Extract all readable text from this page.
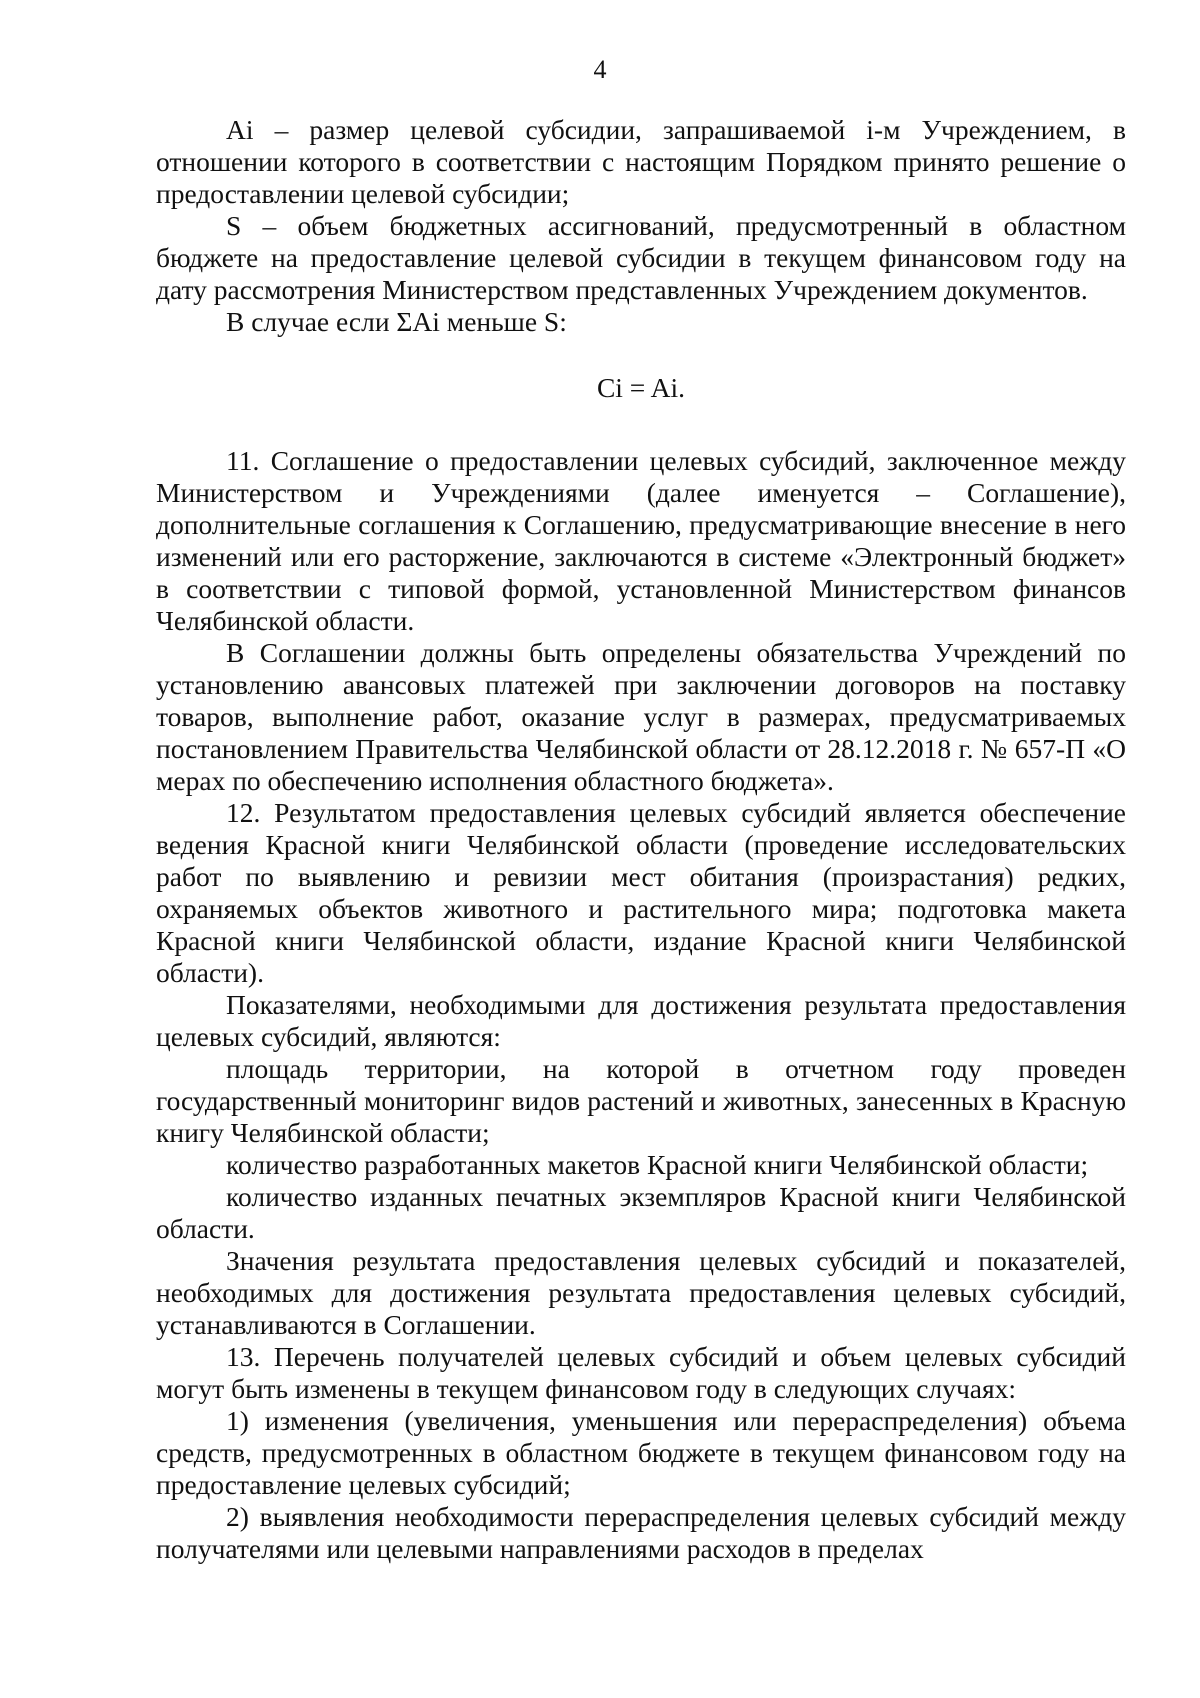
4

Ai – размер целевой субсидии, запрашиваемой i-м Учреждением, в отношении которого в соответствии с настоящим Порядком принято решение о предоставлении целевой субсидии;

S – объем бюджетных ассигнований, предусмотренный в областном бюджете на предоставление целевой субсидии в текущем финансовом году на дату рассмотрения Министерством представленных Учреждением документов.

В случае если ΣAi меньше S:

Ci = Ai.

11. Соглашение о предоставлении целевых субсидий, заключенное между Министерством и Учреждениями (далее именуется – Соглашение), дополнительные соглашения к Соглашению, предусматривающие внесение в него изменений или его расторжение, заключаются в системе «Электронный бюджет» в соответствии с типовой формой, установленной Министерством финансов Челябинской области.

В Соглашении должны быть определены обязательства Учреждений по установлению авансовых платежей при заключении договоров на поставку товаров, выполнение работ, оказание услуг в размерах, предусматриваемых постановлением Правительства Челябинской области от 28.12.2018 г. № 657-П «О мерах по обеспечению исполнения областного бюджета».

12. Результатом предоставления целевых субсидий является обеспечение ведения Красной книги Челябинской области (проведение исследовательских работ по выявлению и ревизии мест обитания (произрастания) редких, охраняемых объектов животного и растительного мира; подготовка макета Красной книги Челябинской области, издание Красной книги Челябинской области).

Показателями, необходимыми для достижения результата предоставления целевых субсидий, являются:

площадь территории, на которой в отчетном году проведен государственный мониторинг видов растений и животных, занесенных в Красную книгу Челябинской области;

количество разработанных макетов Красной книги Челябинской области;

количество изданных печатных экземпляров Красной книги Челябинской области.

Значения результата предоставления целевых субсидий и показателей, необходимых для достижения результата предоставления целевых субсидий, устанавливаются в Соглашении.

13. Перечень получателей целевых субсидий и объем целевых субсидий могут быть изменены в текущем финансовом году в следующих случаях:

1) изменения (увеличения, уменьшения или перераспределения) объема средств, предусмотренных в областном бюджете в текущем финансовом году на предоставление целевых субсидий;

2) выявления необходимости перераспределения целевых субсидий между получателями или целевыми направлениями расходов в пределах
